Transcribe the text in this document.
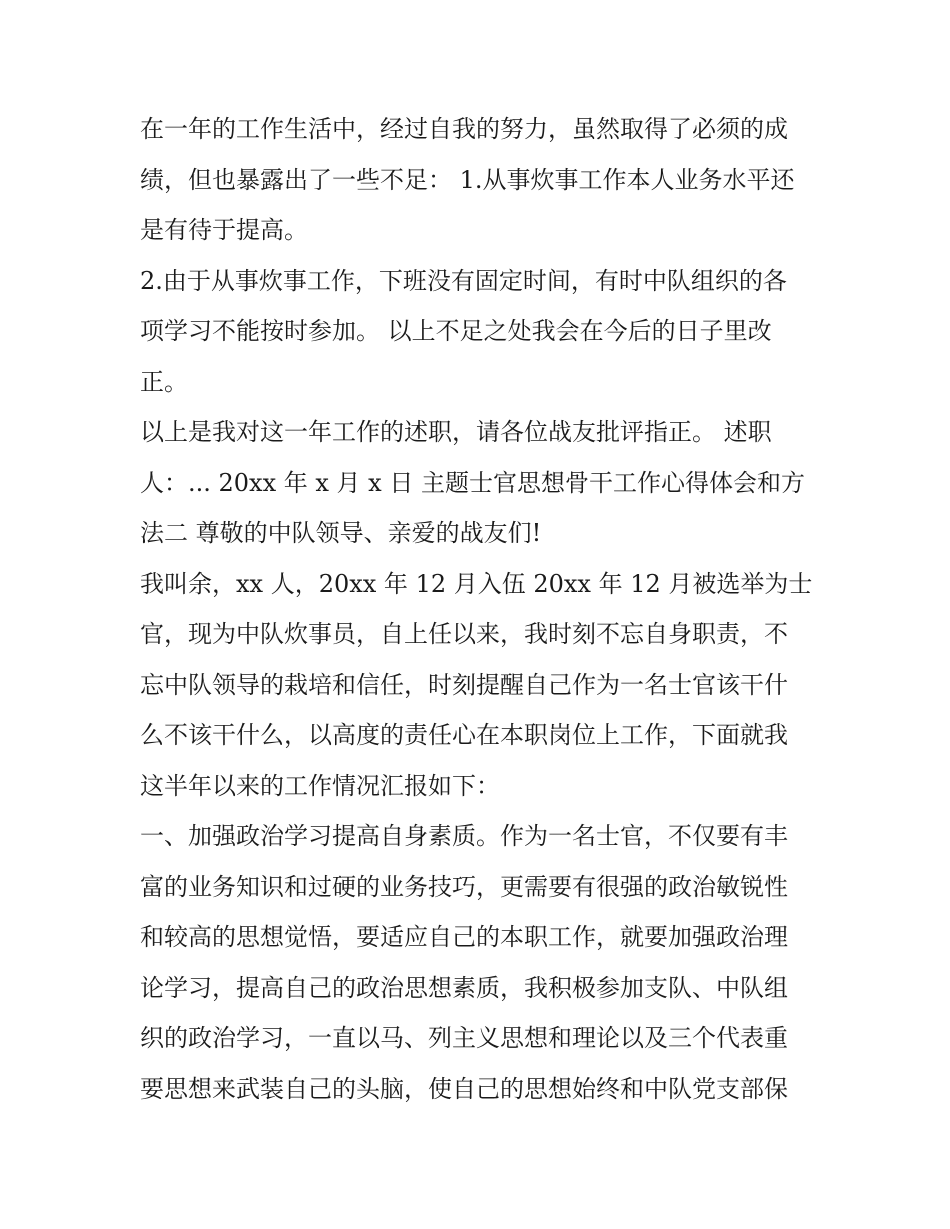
在一年的工作生活中，经过自我的努力，虽然取得了必须的成
绩，但也暴露出了一些不足： 1.从事炊事工作本人业务水平还
是有待于提高。

2.由于从事炊事工作，下班没有固定时间，有时中队组织的各
项学习不能按时参加。 以上不足之处我会在今后的日子里改
正。

以上是我对这一年工作的述职，请各位战友批评指正。 述职
人：... 20xx 年 x 月 x 日 主题士官思想骨干工作心得体会和方
法二 尊敬的中队领导、亲爱的战友们!

我叫余，xx 人，20xx 年 12 月入伍 20xx 年 12 月被选举为士
官，现为中队炊事员，自上任以来，我时刻不忘自身职责，不
忘中队领导的栽培和信任，时刻提醒自己作为一名士官该干什
么不该干什么，以高度的责任心在本职岗位上工作，下面就我
这半年以来的工作情况汇报如下：

一、加强政治学习提高自身素质。作为一名士官，不仅要有丰
富的业务知识和过硬的业务技巧，更需要有很强的政治敏锐性
和较高的思想觉悟，要适应自己的本职工作，就要加强政治理
论学习，提高自己的政治思想素质，我积极参加支队、中队组
织的政治学习，一直以马、列主义思想和理论以及三个代表重
要思想来武装自己的头脑，使自己的思想始终和中队党支部保
